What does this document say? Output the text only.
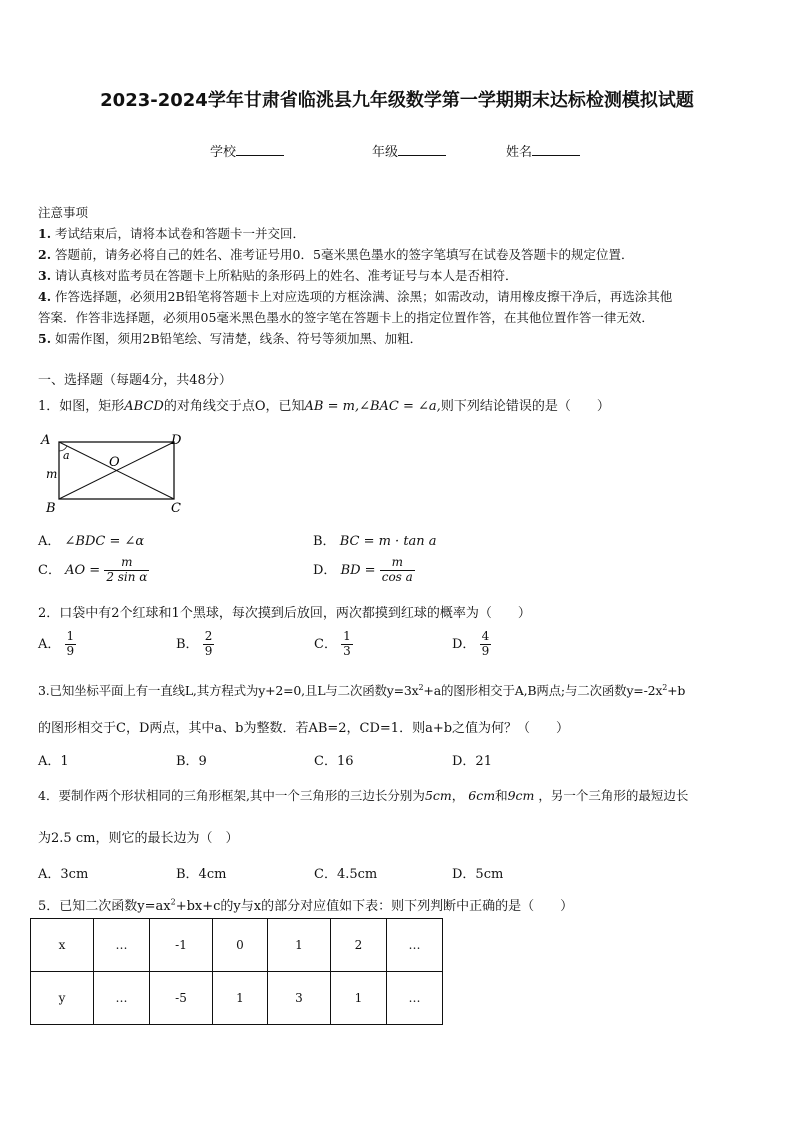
2023-2024学年甘肃省临洮县九年级数学第一学期期末达标检测模拟试题
学校	年级	姓名
注意事项
1. 考试结束后，请将本试卷和答题卡一并交回．
2. 答题前，请务必将自己的姓名、准考证号用0．5毫米黑色墨水的签字笔填写在试卷及答题卡的规定位置．
3. 请认真核对监考员在答题卡上所粘贴的条形码上的姓名、准考证号与本人是否相符．
4. 作答选择题，必须用2B铅笔将答题卡上对应选项的方框涂满、涂黑；如需改动，请用橡皮擦干净后，再选涂其他
答案．作答非选择题，必须用05毫米黑色墨水的签字笔在答题卡上的指定位置作答，在其他位置作答一律无效．
5. 如需作图，须用2B铅笔绘、写清楚，线条、符号等须加黑、加粗．
一、选择题（每题4分，共48分）
1．如图，矩形ABCD的对角线交于点O，已知AB = m,∠BAC = ∠a,则下列结论错误的是（　　）
A	D
B	C
O
m
a
A． ∠BDC = ∠α	B． BC = m · tan a
C． AO = $\frac{m}{\text{2 sin α}}$	D． BD = $\frac{m}{\text{cos a}}$
2．口袋中有2个红球和1个黑球，每次摸到后放回，两次都摸到红球的概率为（　　）
A． $\frac{1}{9}$	B． $\frac{2}{9}$	C． $\frac{1}{3}$	D． $\frac{4}{9}$
3.已知坐标平面上有一直线L,其方程式为y+2=0,且L与二次函数$y=3x^2+a$的图形相交于A,B两点;与二次函数$y=-2x^2+b$
的图形相交于C，D两点，其中a、b为整数．若AB=2，CD=1．则a+b之值为何？（　　）
A．1	B．9	C．16	D．21
4．要制作两个形状相同的三角形框架,其中一个三角形的三边长分别为5cm， 6cm和9cm ，另一个三角形的最短边长
为2.5 cm，则它的最长边为（　）
A．3cm	B．4cm	C．4.5cm	D．5cm
5．已知二次函数$y=ax^2+bx+c$的y与x的部分对应值如下表：则下列判断中正确的是（　　）
x	…	-1	0	1	2	…
y	…	-5	1	3	1	…
